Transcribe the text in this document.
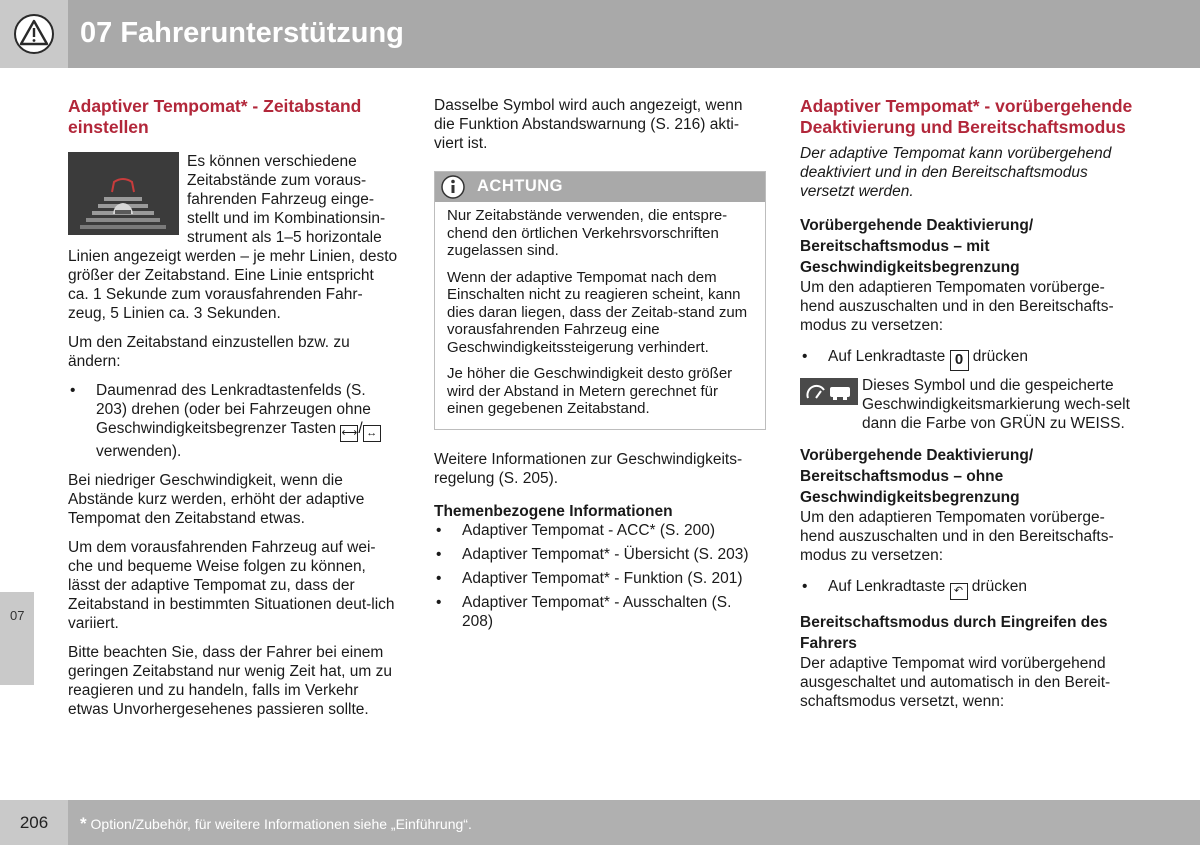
07 Fahrerunterstützung
Adaptiver Tempomat* - Zeitabstand einstellen

Es können verschiedene Zeitabstände zum voraus-fahrenden Fahrzeug einge-stellt und im Kombinationsin-strument als 1–5 horizontale Linien angezeigt werden – je mehr Linien, desto größer der Zeitabstand. Eine Linie entspricht ca. 1 Sekunde zum vorausfahrenden Fahr-zeug, 5 Linien ca. 3 Sekunden.

Um den Zeitabstand einzustellen bzw. zu ändern:

• Daumenrad des Lenkradtastenfelds (S. 203) drehen (oder bei Fahrzeugen ohne Geschwindigkeitsbegrenzer Tasten ⟷/ ↔ verwenden).

Bei niedriger Geschwindigkeit, wenn die Abstände kurz werden, erhöht der adaptive Tempomat den Zeitabstand etwas.

Um dem vorausfahrenden Fahrzeug auf wei-che und bequeme Weise folgen zu können, lässt der adaptive Tempomat zu, dass der Zeitabstand in bestimmten Situationen deut-lich variiert.

Bitte beachten Sie, dass der Fahrer bei einem geringen Zeitabstand nur wenig Zeit hat, um zu reagieren und zu handeln, falls im Verkehr etwas Unvorhergesehenes passieren sollte.

Dasselbe Symbol wird auch angezeigt, wenn die Funktion Abstandswarnung (S. 216) akti-viert ist.

ACHTUNG

Nur Zeitabstände verwenden, die entspre-chend den örtlichen Verkehrsvorschriften zugelassen sind.

Wenn der adaptive Tempomat nach dem Einschalten nicht zu reagieren scheint, kann dies daran liegen, dass der Zeitab-stand zum vorausfahrenden Fahrzeug eine Geschwindigkeitssteigerung verhindert.

Je höher die Geschwindigkeit desto größer wird der Abstand in Metern gerechnet für einen gegebenen Zeitabstand.

Weitere Informationen zur Geschwindigkeits-regelung (S. 205).

Themenbezogene Informationen
• Adaptiver Tempomat - ACC* (S. 200)
• Adaptiver Tempomat* - Übersicht (S. 203)
• Adaptiver Tempomat* - Funktion (S. 201)
• Adaptiver Tempomat* - Ausschalten (S. 208)
Adaptiver Tempomat* - vorübergehende Deaktivierung und Bereitschaftsmodus

Der adaptive Tempomat kann vorübergehend deaktiviert und in den Bereitschaftsmodus versetzt werden.

Vorübergehende Deaktivierung/ Bereitschaftsmodus – mit Geschwindigkeitsbegrenzung

Um den adaptieren Tempomaten vorüberge-hend auszuschalten und in den Bereitschafts-modus zu versetzen:

• Auf Lenkradtaste 0 drücken

Dieses Symbol und die gespeicherte Geschwindigkeitsmarkierung wech-selt dann die Farbe von GRÜN zu WEISS.

Vorübergehende Deaktivierung/ Bereitschaftsmodus – ohne Geschwindigkeitsbegrenzung

Um den adaptieren Tempomaten vorüberge-hend auszuschalten und in den Bereitschafts-modus zu versetzen:

• Auf Lenkradtaste ↶ drücken
Bereitschaftsmodus durch Eingreifen des Fahrers

Der adaptive Tempomat wird vorübergehend ausgeschaltet und automatisch in den Bereit-schaftsmodus versetzt, wenn:

07
206	* Option/Zubehör, für weitere Informationen siehe „Einführung“.
